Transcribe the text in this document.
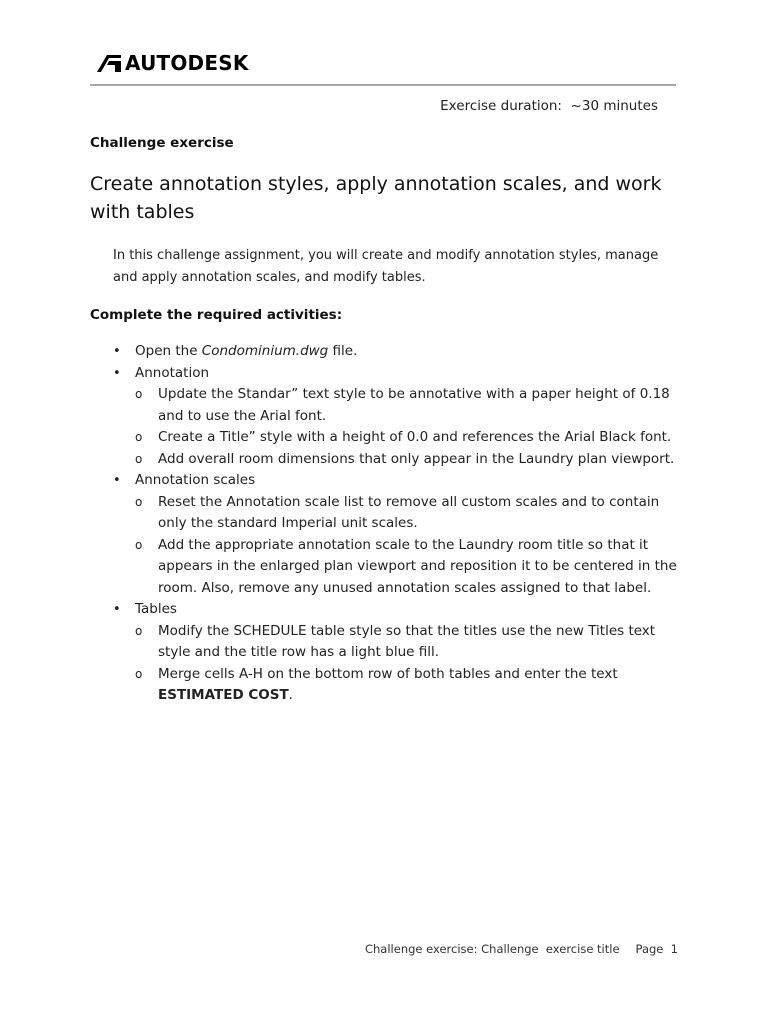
AUTODESK
Exercise duration:  ~30 minutes
Challenge exercise
Create annotation styles, apply annotation scales, and work with tables
In this challenge assignment, you will create and modify annotation styles, manage and apply annotation scales, and modify tables.
Complete the required activities:
• Open the Condominium.dwg file.
• Annotation
o Update the Standar” text style to be annotative with a paper height of 0.18 and to use the Arial font.
o Create a Title” style with a height of 0.0 and references the Arial Black font.
o Add overall room dimensions that only appear in the Laundry plan viewport.
• Annotation scales
o Reset the Annotation scale list to remove all custom scales and to contain only the standard Imperial unit scales.
o Add the appropriate annotation scale to the Laundry room title so that it appears in the enlarged plan viewport and reposition it to be centered in the room. Also, remove any unused annotation scales assigned to that label.
• Tables
o Modify the SCHEDULE table style so that the titles use the new Titles text style and the title row has a light blue fill.
o Merge cells A-H on the bottom row of both tables and enter the text ESTIMATED COST.
Challenge exercise: Challenge  exercise title Page  1
